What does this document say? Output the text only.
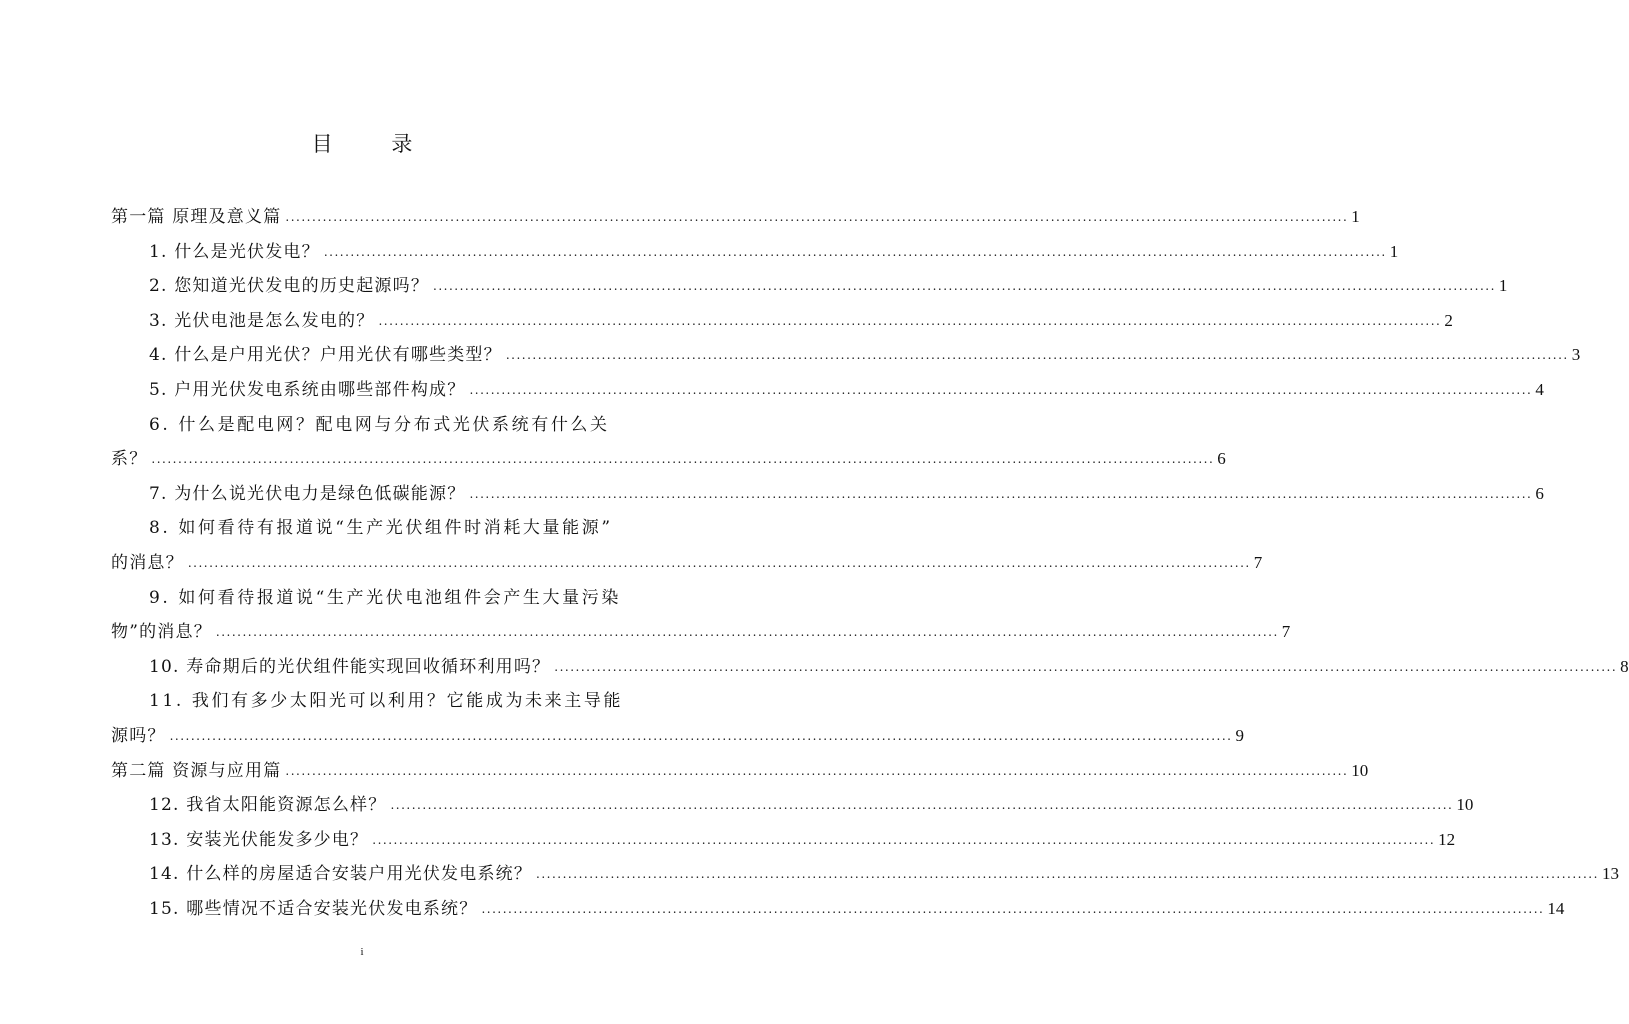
目 录
第一篇 原理及意义篇 ........................................................................................................................................................................................................ 1
1. 什么是光伏发电？ ........................................................................................................................................................................................................ 1
2. 您知道光伏发电的历史起源吗？ ........................................................................................................................................................................................................ 1
3. 光伏电池是怎么发电的？ ........................................................................................................................................................................................................ 2
4. 什么是户用光伏？户用光伏有哪些类型？ ........................................................................................................................................................................................................ 3
5. 户用光伏发电系统由哪些部件构成？ ........................................................................................................................................................................................................ 4
6. 什么是配电网？配电网与分布式光伏系统有什么关
系？ ........................................................................................................................................................................................................ 6
7. 为什么说光伏电力是绿色低碳能源？ ........................................................................................................................................................................................................ 6
8. 如何看待有报道说“生产光伏组件时消耗大量能源”
的消息？ ........................................................................................................................................................................................................ 7
9. 如何看待报道说“生产光伏电池组件会产生大量污染
物”的消息？ ........................................................................................................................................................................................................ 7
10. 寿命期后的光伏组件能实现回收循环利用吗？ ........................................................................................................................................................................................................ 8
11. 我们有多少太阳光可以利用？它能成为未来主导能
源吗？ ........................................................................................................................................................................................................ 9
第二篇 资源与应用篇 ........................................................................................................................................................................................................ 10
12. 我省太阳能资源怎么样？ ........................................................................................................................................................................................................ 10
13. 安装光伏能发多少电？ ........................................................................................................................................................................................................ 12
14. 什么样的房屋适合安装户用光伏发电系统？ ........................................................................................................................................................................................................ 13
15. 哪些情况不适合安装光伏发电系统？ ........................................................................................................................................................................................................ 14
i
